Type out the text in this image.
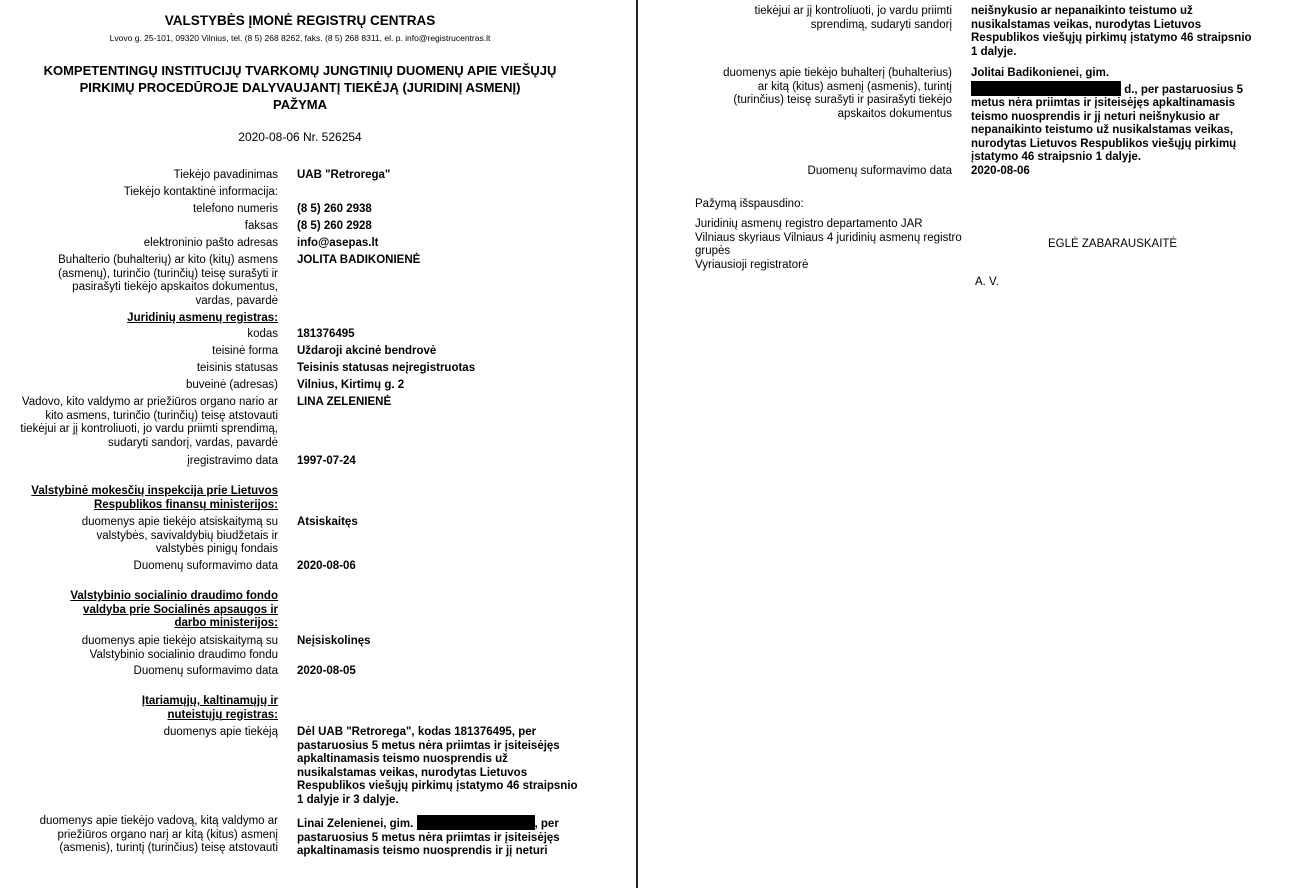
VALSTYBĖS ĮMONĖ REGISTRŲ CENTRAS
Lvovo g. 25-101, 09320 Vilnius, tel. (8 5) 268 8262, faks. (8 5) 268 8311, el. p. info@registrucentras.lt
KOMPETENTINGŲ INSTITUCIJŲ TVARKOMŲ JUNGTINIŲ DUOMENŲ APIE VIEŠŲJŲ
PIRKIMŲ PROCEDŪROJE DALYVAUJANTĮ TIEKĖJĄ (JURIDINĮ ASMENĮ)
PAŽYMA
2020-08-06 Nr. 526254
Tiekėjo pavadinimas UAB "Retrorega"
Tiekėjo kontaktinė informacija:
telefono numeris (8 5) 260 2938
faksas (8 5) 260 2928
elektroninio pašto adresas info@asepas.lt
Buhalterio (buhalterių) ar kito (kitų) asmens (asmenų), turinčio (turinčių) teisę surašyti ir pasirašyti tiekėjo apskaitos dokumentus, vardas, pavardė
JOLITA BADIKONIENĖ
Juridinių asmenų registras:
kodas 181376495
teisinė forma Uždaroji akcinė bendrovė
teisinis statusas Teisinis statusas neįregistruotas
buveinė (adresas) Vilnius, Kirtimų g. 2
Vadovo, kito valdymo ar priežiūros organo nario ar kito asmens, turinčio (turinčių) teisę atstovauti tiekėjui ar jį kontroliuoti, jo vardu priimti sprendimą, sudaryti sandorį, vardas, pavardė
LINA ZELENIENĖ
įregistravimo data 1997-07-24
Valstybinė mokesčių inspekcija prie Lietuvos Respublikos finansų ministerijos:
duomenys apie tiekėjo atsiskaitymą su valstybės, savivaldybių biudžetais ir valstybės pinigų fondais
Atsiskaitęs
Duomenų suformavimo data 2020-08-06
Valstybinio socialinio draudimo fondo valdyba prie Socialinės apsaugos ir darbo ministerijos:
duomenys apie tiekėjo atsiskaitymą su Valstybinio socialinio draudimo fondu
Neįsiskolinęs
Duomenų suformavimo data 2020-08-05
Įtariamųjų, kaltinamųjų ir nuteistųjų registras:
duomenys apie tiekėją Dėl UAB "Retrorega", kodas 181376495, per pastaruosius 5 metus nėra priimtas ir įsiteisėjęs apkaltinamasis teismo nuosprendis už nusikalstamas veikas, nurodytas Lietuvos Respublikos viešųjų pirkimų įstatymo 46 straipsnio 1 dalyje ir 3 dalyje.
duomenys apie tiekėjo vadovą, kitą valdymo ar priežiūros organo narį ar kitą (kitus) asmenį (asmenis), turintį (turinčius) teisę atstovauti
Linai Zelenienei, gim.	, per pastaruosius 5 metus nėra priimtas ir įsiteisėjęs apkaltinamasis teismo nuosprendis ir jį neturi
tiekėjui ar jį kontroliuoti, jo vardu priimti sprendimą, sudaryti sandorį
neišnykusio ar nepanaikinto teistumo už nusikalstamas veikas, nurodytas Lietuvos Respublikos viešųjų pirkimų įstatymo 46 straipsnio 1 dalyje.
duomenys apie tiekėjo buhalterį (buhalterius) ar kitą (kitus) asmenį (asmenis), turintį (turinčius) teisę surašyti ir pasirašyti tiekėjo apskaitos dokumentus
Jolitai Badikonienei, gim.  d., per pastaruosius 5 metus nėra priimtas ir įsiteisėjęs apkaltinamasis teismo nuosprendis ir jį neturi neišnykusio ar nepanaikinto teistumo už nusikalstamas veikas, nurodytas Lietuvos Respublikos viešųjų pirkimų įstatymo 46 straipsnio 1 dalyje.
Duomenų suformavimo data 2020-08-06
Pažymą išspausdino:
Juridinių asmenų registro departamento JAR
Vilniaus skyriaus Vilniaus 4 juridinių asmenų registro grupės
Vyriausioji registratorė
EGLĖ ZABARAUSKAITĖ
A. V.
